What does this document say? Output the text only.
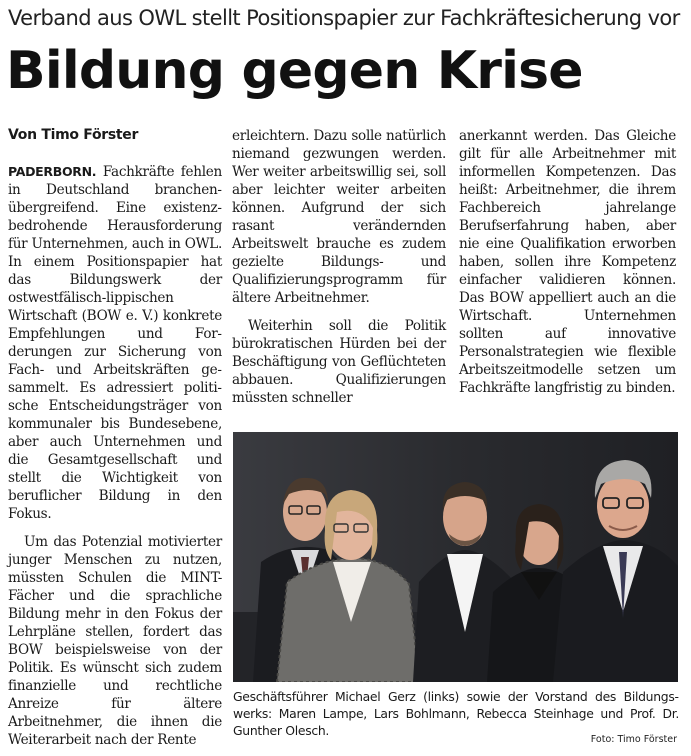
Verband aus OWL stellt Positionspapier zur Fachkräftesicherung vor
Bildung gegen Krise
Von Timo Förster

PADERBORN. Fachkräfte fehlen in Deutschland branchenübergreifend. Eine existenzbedrohende Herausforderung für Unternehmen, auch in OWL. In einem Positionspapier hat das Bildungswerk der ostwestfälisch-lippischen Wirtschaft (BOW e. V.) konkrete Empfehlungen und Forderungen zur Sicherung von Fach- und Arbeitskräften gesammelt. Es adressiert politische Entscheidungsträger von kommunaler bis Bundesebene, aber auch Unternehmen und die Gesamtgesellschaft und stellt die Wichtigkeit von beruflicher Bildung in den Fokus.

Um das Potenzial motivierter junger Menschen zu nutzen, müssten Schulen die MINT-Fächer und die sprachliche Bildung mehr in den Fokus der Lehrpläne stellen, fordert das BOW beispielsweise von der Politik. Es wünscht sich zudem finanzielle und rechtliche Anreize für ältere Arbeitnehmer, die ihnen die Weiterarbeit nach der Rente

erleichtern. Dazu solle natürlich niemand gezwungen werden. Wer weiter arbeitswillig sei, soll aber leichter weiter arbeiten können. Aufgrund der sich rasant verändernden Arbeitswelt brauche es zudem gezielte Bildungs- und Qualifizierungsprogramm für ältere Arbeitnehmer.

Weiterhin soll die Politik bürokratischen Hürden bei der Beschäftigung von Geflüchteten abbauen. Qualifizierungen müssten schneller

anerkannt werden. Das Gleiche gilt für alle Arbeitnehmer mit informellen Kompetenzen. Das heißt: Arbeitnehmer, die ihrem Fachbereich jahrelange Berufserfahrung haben, aber nie eine Qualifikation erworben haben, sollen ihre Kompetenz einfacher validieren können. Das BOW appelliert auch an die Wirtschaft. Unternehmen sollten auf innovative Personalstrategien wie flexible Arbeitszeitmodelle setzen um Fachkräfte langfristig zu binden.

Geschäftsführer Michael Gerz (links) sowie der Vorstand des Bildungswerks: Maren Lampe, Lars Bohlmann, Rebecca Steinhage und Prof. Dr. Gunther Olesch.
Foto: Timo Förster
